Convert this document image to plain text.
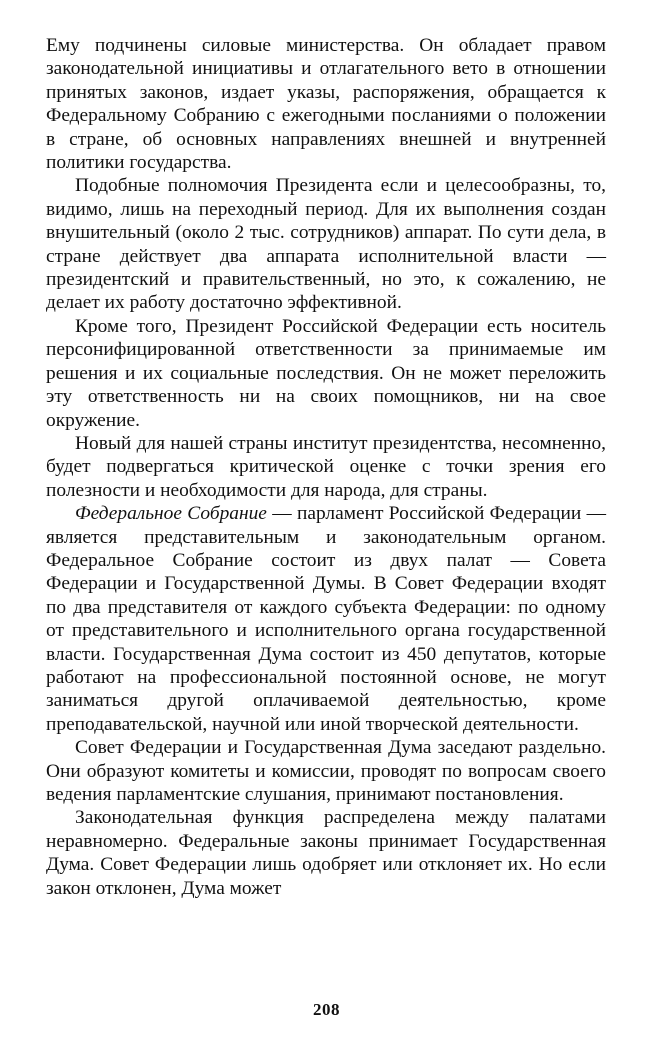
Ему подчинены силовые министерства. Он обладает правом законодательной инициативы и отлагательного вето в отношении принятых законов, издает указы, распоряжения, обращается к Федеральному Собранию с ежегодными посланиями о положении в стране, об основных направлениях внешней и внутренней политики государства.

Подобные полномочия Президента если и целесообразны, то, видимо, лишь на переходный период. Для их выполнения создан внушительный (около 2 тыс. сотрудников) аппарат. По сути дела, в стране действует два аппарата исполнительной власти — президентский и правительственный, но это, к сожалению, не делает их работу достаточно эффективной.

Кроме того, Президент Российской Федерации есть носитель персонифицированной ответственности за принимаемые им решения и их социальные последствия. Он не может переложить эту ответственность ни на своих помощников, ни на свое окружение.

Новый для нашей страны институт президентства, несомненно, будет подвергаться критической оценке с точки зрения его полезности и необходимости для народа, для страны.

Федеральное Собрание — парламент Российской Федерации — является представительным и законодательным органом. Федеральное Собрание состоит из двух палат — Совета Федерации и Государственной Думы. В Совет Федерации входят по два представителя от каждого субъекта Федерации: по одному от представительного и исполнительного органа государственной власти. Государственная Дума состоит из 450 депутатов, которые работают на профессиональной постоянной основе, не могут заниматься другой оплачиваемой деятельностью, кроме преподавательской, научной или иной творческой деятельности.

Совет Федерации и Государственная Дума заседают раздельно. Они образуют комитеты и комиссии, проводят по вопросам своего ведения парламентские слушания, принимают постановления.

Законодательная функция распределена между палатами неравномерно. Федеральные законы принимает Государственная Дума. Совет Федерации лишь одобряет или отклоняет их. Но если закон отклонен, Дума может

208
